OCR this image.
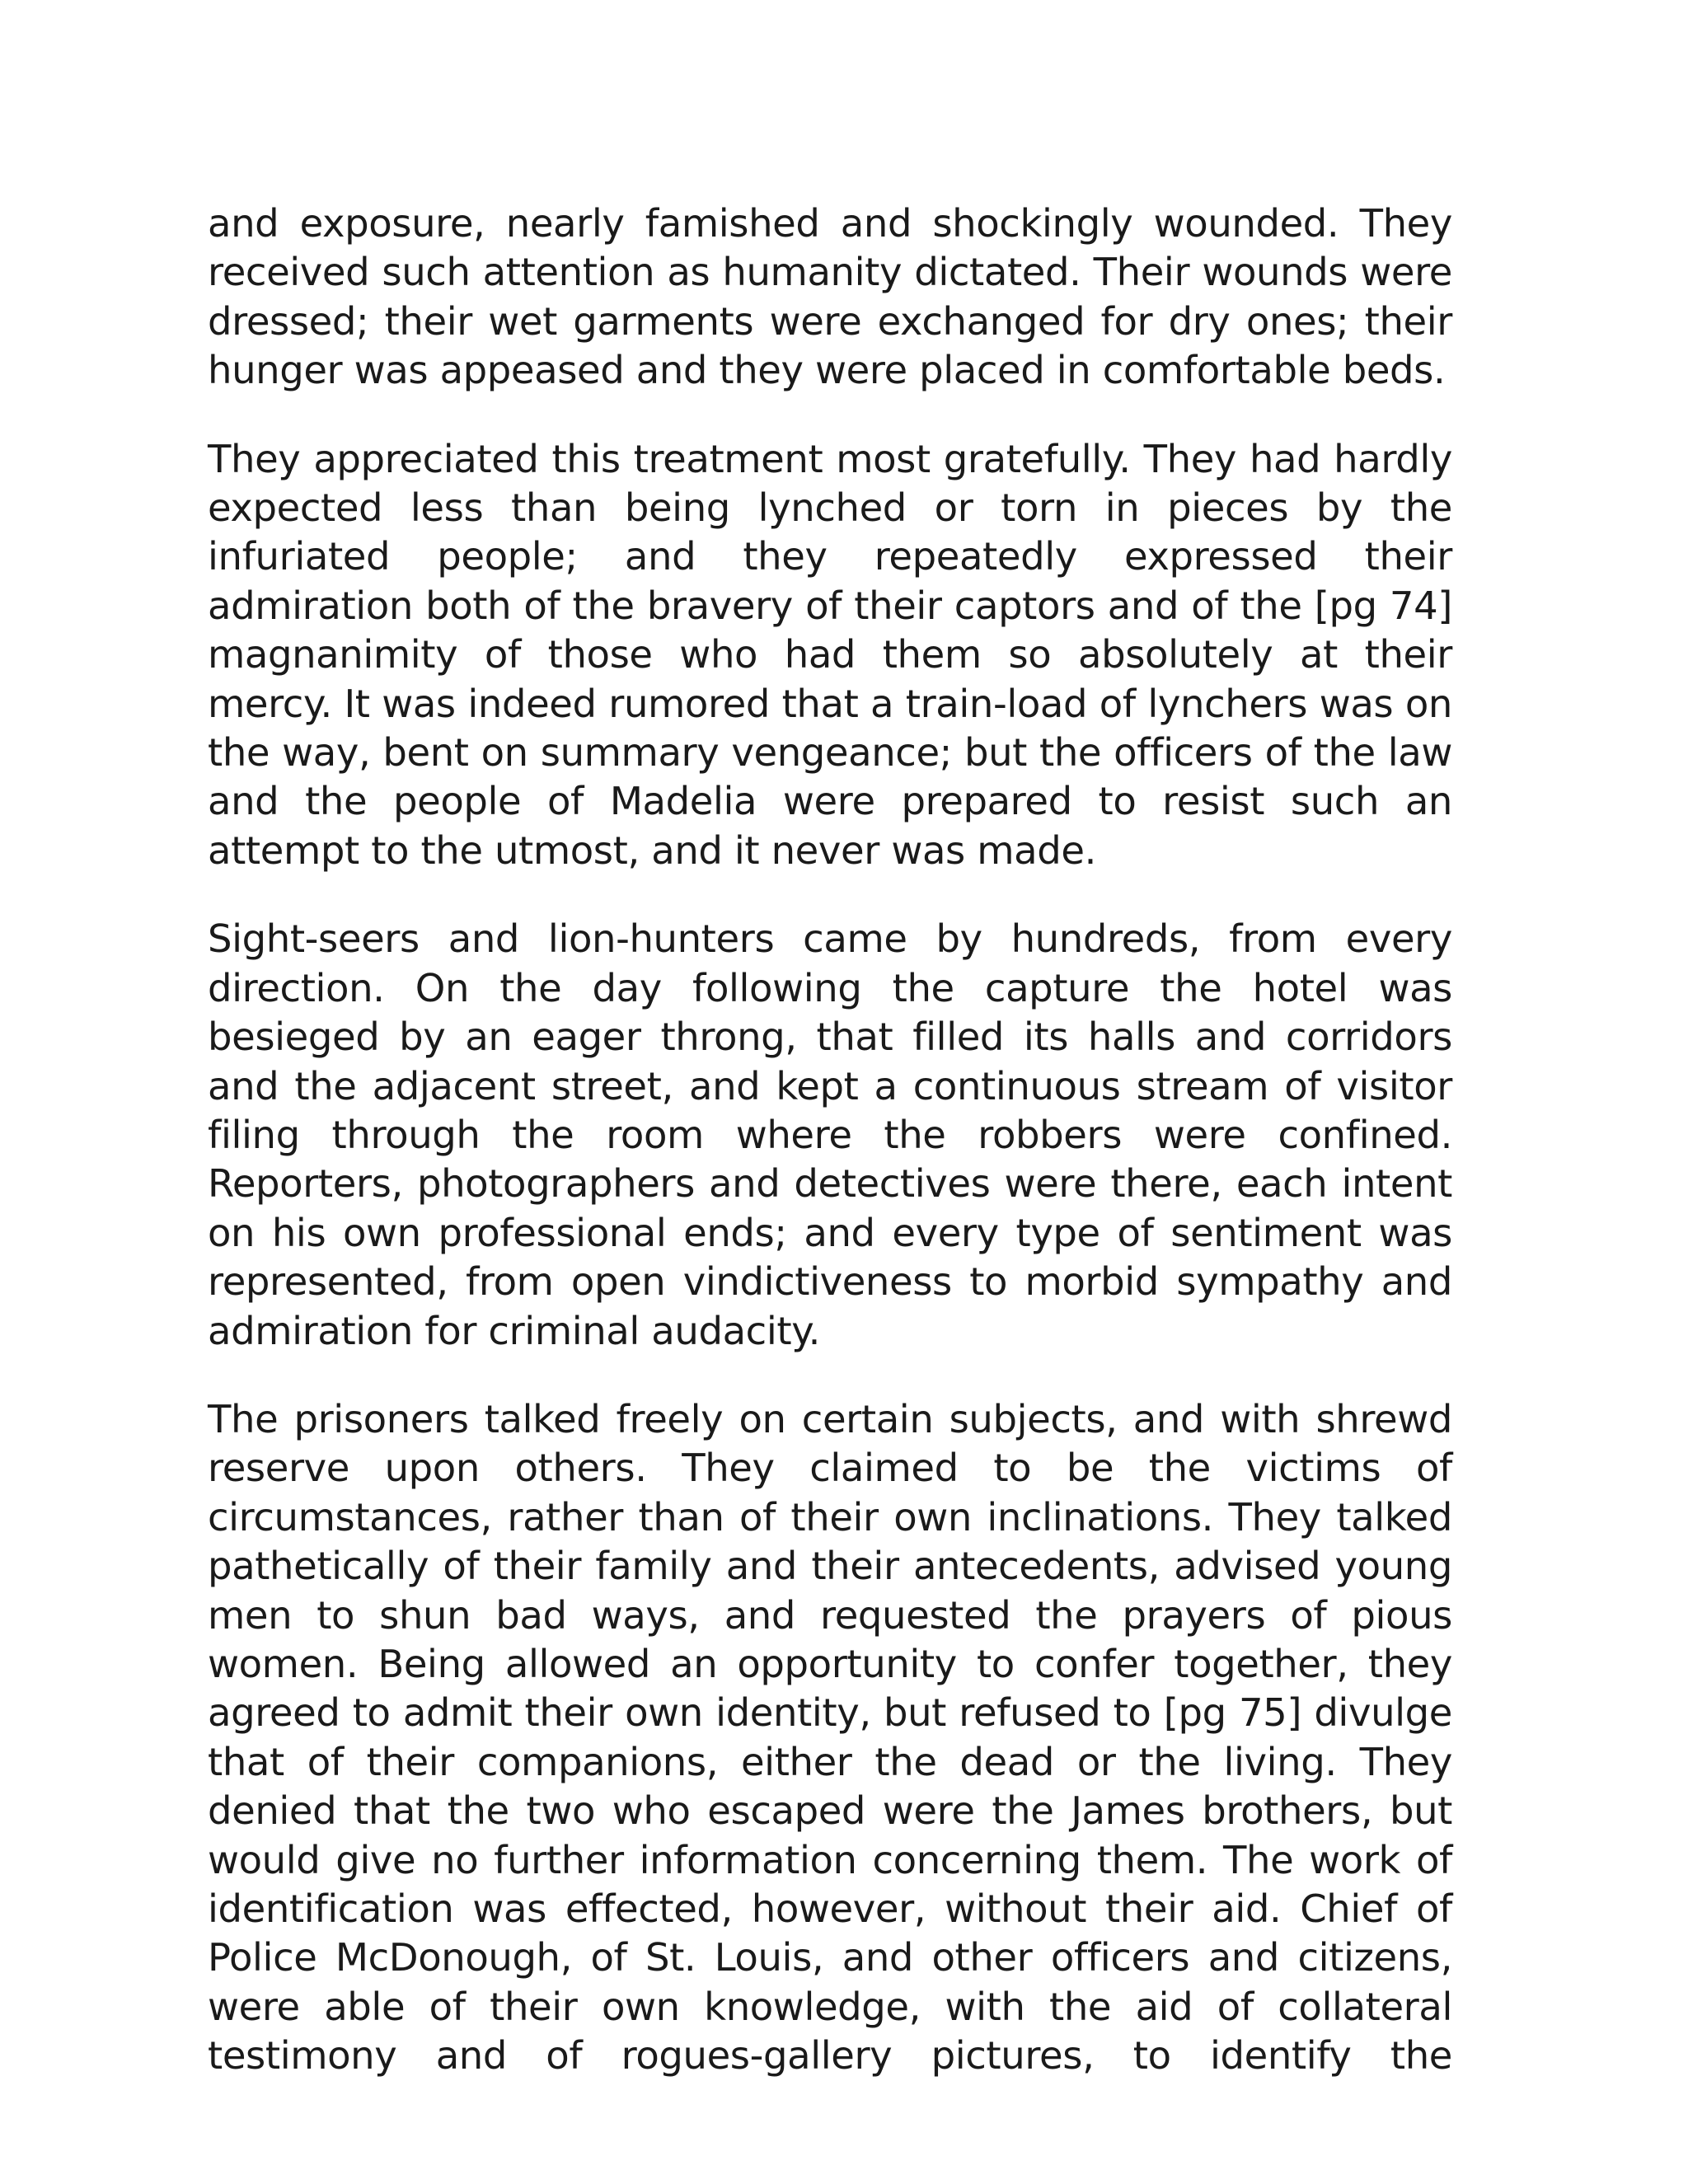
and exposure, nearly famished and shockingly wounded. They received such attention as humanity dictated. Their wounds were dressed; their wet garments were exchanged for dry ones; their hunger was appeased and they were placed in comfortable beds.

They appreciated this treatment most gratefully. They had hardly expected less than being lynched or torn in pieces by the infuriated people; and they repeatedly expressed their admiration both of the bravery of their captors and of the [pg 74] magnanimity of those who had them so absolutely at their mercy. It was indeed rumored that a train-load of lynchers was on the way, bent on summary vengeance; but the officers of the law and the people of Madelia were prepared to resist such an attempt to the utmost, and it never was made.

Sight-seers and lion-hunters came by hundreds, from every direction. On the day following the capture the hotel was besieged by an eager throng, that filled its halls and corridors and the adjacent street, and kept a continuous stream of visitor filing through the room where the robbers were confined. Reporters, photographers and detectives were there, each intent on his own professional ends; and every type of sentiment was represented, from open vindictiveness to morbid sympathy and admiration for criminal audacity.

The prisoners talked freely on certain subjects, and with shrewd reserve upon others. They claimed to be the victims of circumstances, rather than of their own inclinations. They talked pathetically of their family and their antecedents, advised young men to shun bad ways, and requested the prayers of pious women. Being allowed an opportunity to confer together, they agreed to admit their own identity, but refused to [pg 75] divulge that of their companions, either the dead or the living. They denied that the two who escaped were the James brothers, but would give no further information concerning them. The work of identification was effected, however, without their aid. Chief of Police McDonough, of St. Louis, and other officers and citizens, were able of their own knowledge, with the aid of collateral testimony and of rogues-gallery pictures, to identify the
